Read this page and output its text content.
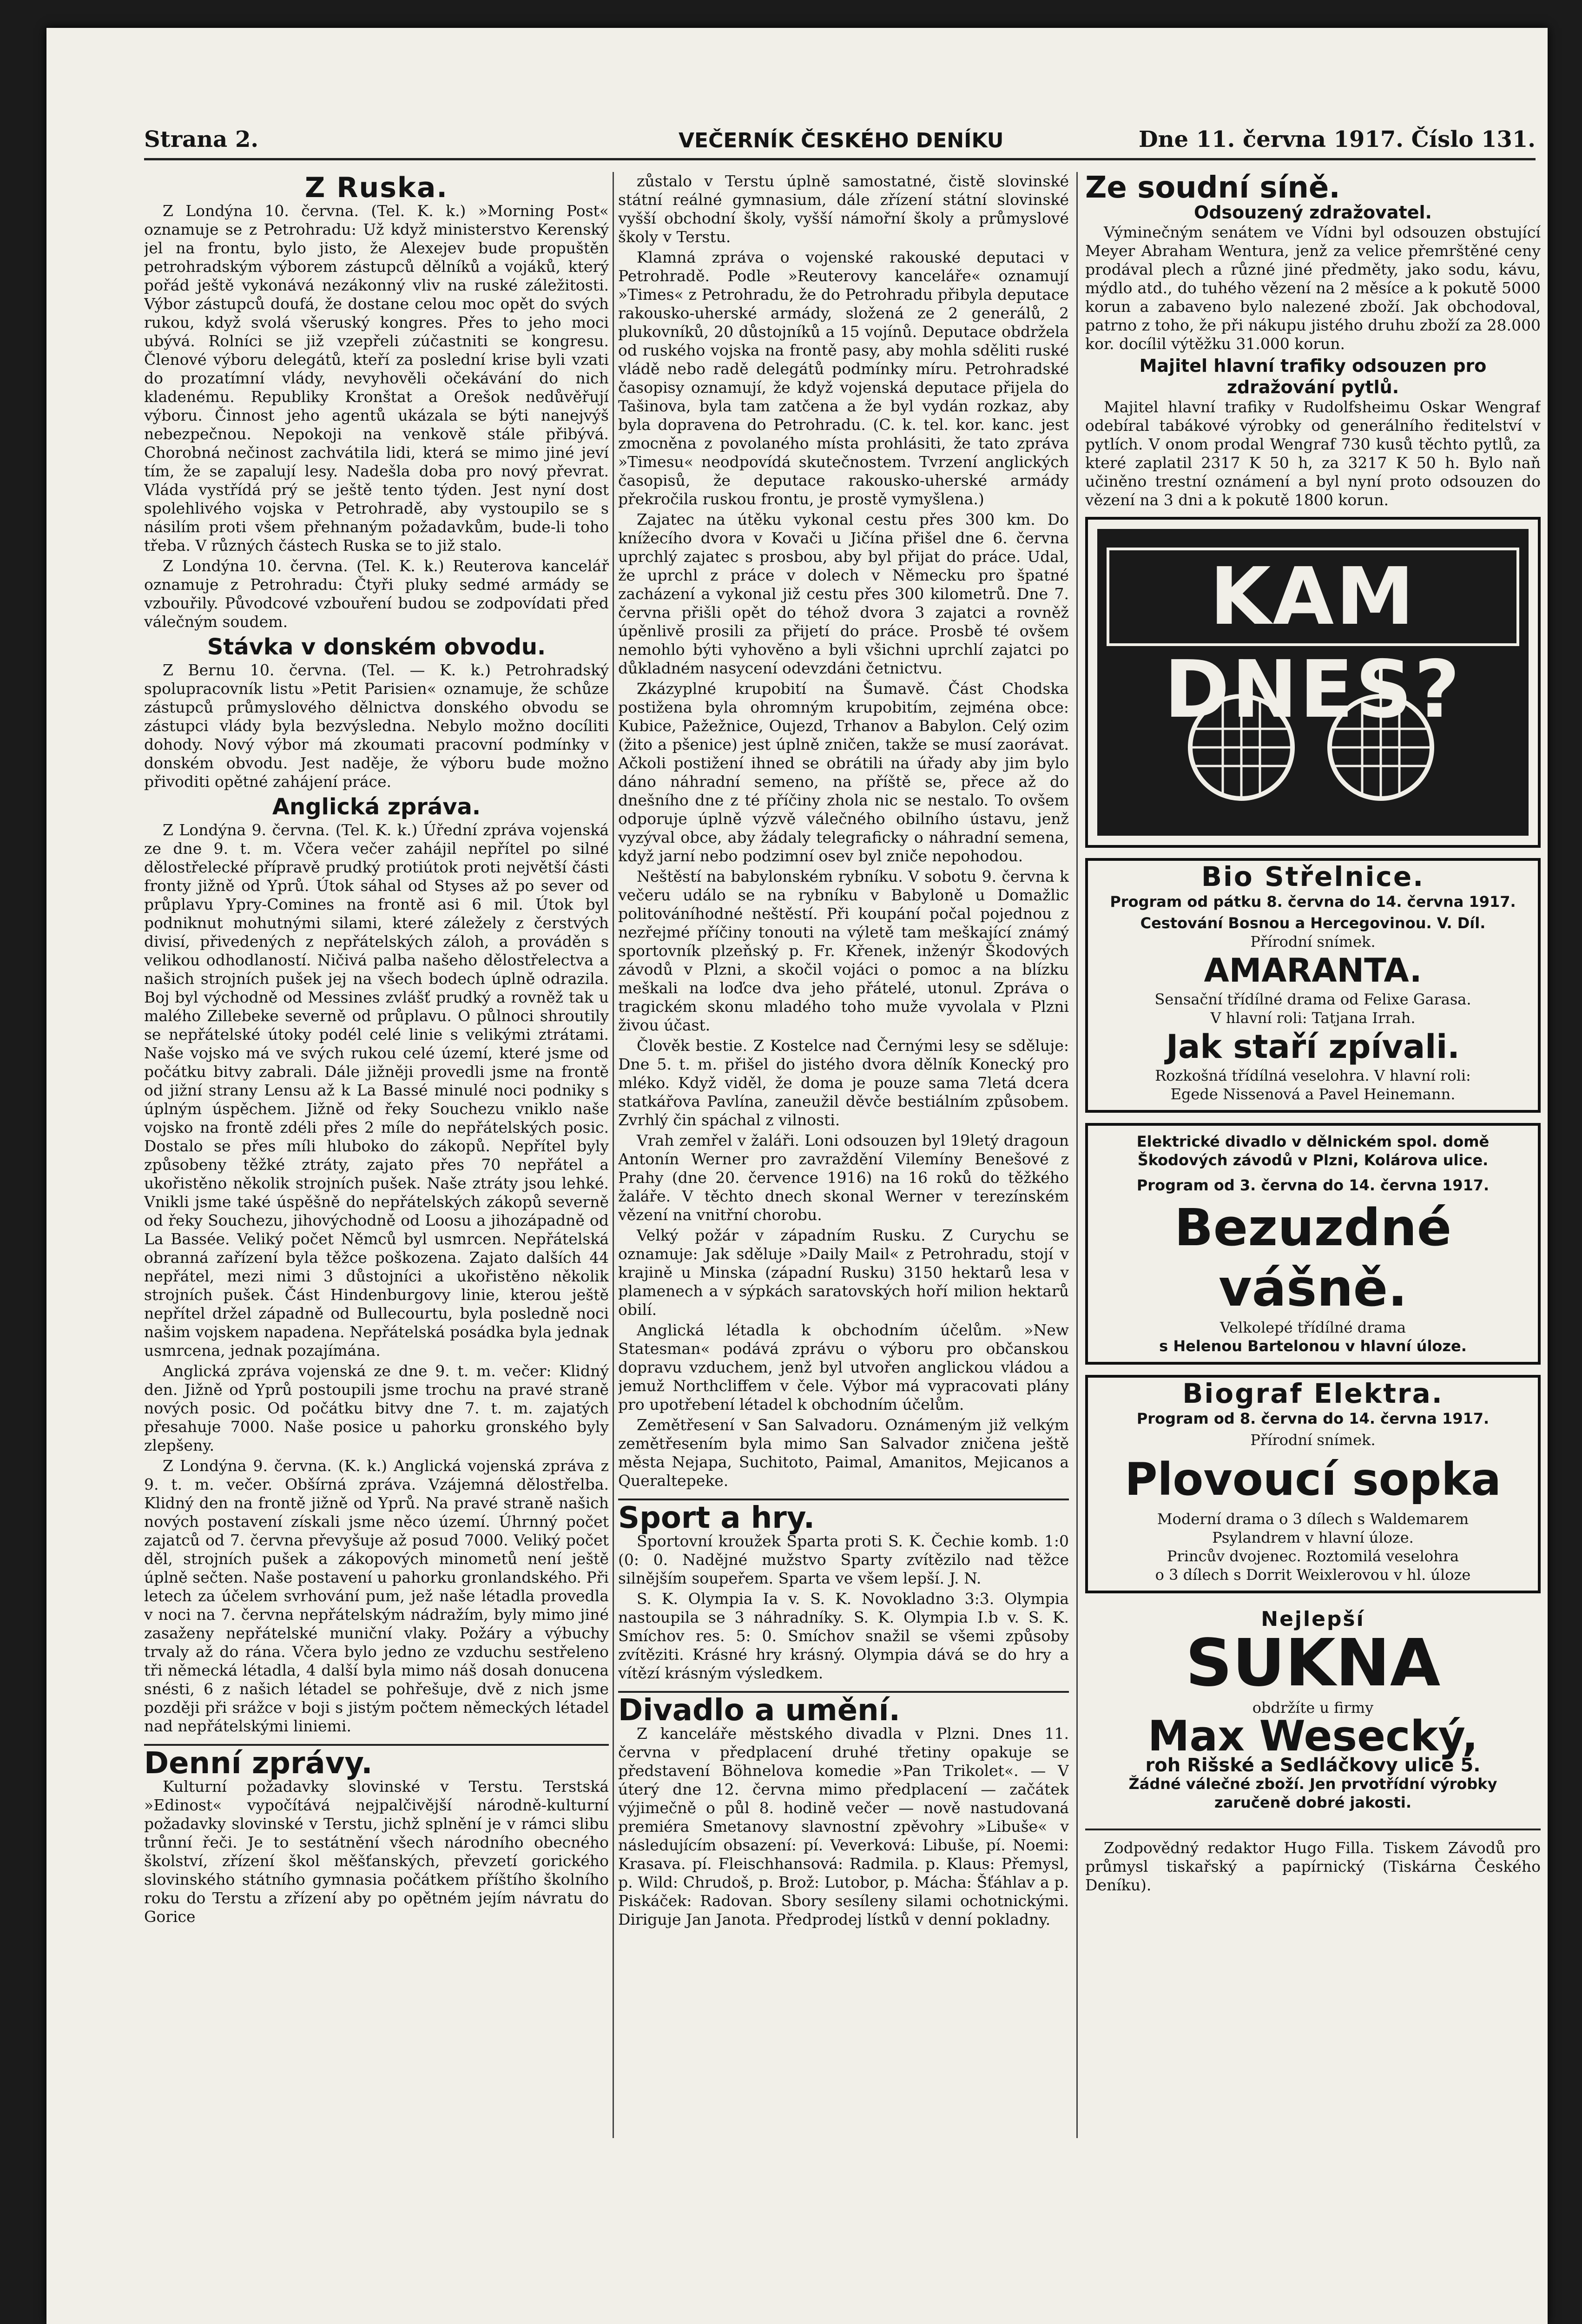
Strana 2.	VEČERNÍK ČESKÉHO DENÍKU	Dne 11. června 1917. Číslo 131.
Z Ruska.

Z Londýna 10. června. (Tel. K. k.) »Morning Post« oznamuje se z Petrohradu: Už když ministerstvo Kerenský jel na frontu, bylo jisto, že Alexejev bude propuštěn petrohradským výborem zástupců dělníků a vojáků, který pořád ještě vykonává nezákonný vliv na ruské záležitosti. Výbor zástupců doufá, že dostane celou moc opět do svých rukou, když svolá všeruský kongres. Přes to jeho moci ubývá. Rolníci se již vzepřeli zúčastniti se kongresu. Členové výboru delegátů, kteří za poslední krise byli vzati do prozatímní vlády, nevyhověli očekávání do nich kladenému. Republiky Kronštat a Orešok nedůvěřují výboru. Činnost jeho agentů ukázala se býti nanejvýš nebezpečnou. Nepokoji na venkově stále přibývá. Chorobná nečinost zachvátila lidi, která se mimo jiné jeví tím, že se zapalují lesy. Nadešla doba pro nový převrat. Vláda vystřídá prý se ještě tento týden. Jest nyní dost spolehlivého vojska v Petrohradě, aby vystoupilo se s násilím proti všem přehnaným požadavkům, bude-li toho třeba. V různých částech Ruska se to již stalo.

Z Londýna 10. června. (Tel. K. k.) Reuterova kancelář oznamuje z Petrohradu: Čtyři pluky sedmé armády se vzbouřily. Původcové vzbouření budou se zodpovídati před válečným soudem.

Stávka v donském obvodu.

Z Bernu 10. června. (Tel. — K. k.) Petrohradský spolupracovník listu »Petit Parisien« oznamuje, že schůze zástupců průmyslového dělnictva donského obvodu se zástupci vlády byla bezvýsledna. Nebylo možno docíliti dohody. Nový výbor má zkoumati pracovní podmínky v donském obvodu. Jest naděje, že výboru bude možno přivoditi opětné zahájení práce.

Anglická zpráva.

Z Londýna 9. června. (Tel. K. k.) Úřední zpráva vojenská ze dne 9. t. m. Včera večer zahájil nepřítel po silné dělostřelecké přípravě prudký protiútok proti největší části fronty jižně od Yprů. Útok sáhal od Styses až po sever od průplavu Ypry-Comines na frontě asi 6 mil. Útok byl podniknut mohutnými silami, které záležely z čerstvých divisí, přivedených z nepřátelských záloh, a prováděn s velikou odhodlaností. Ničivá palba našeho dělostřelectva a našich strojních pušek jej na všech bodech úplně odrazila. Boj byl východně od Messines zvlášť prudký a rovněž tak u malého Zillebeke severně od průplavu. O půlnoci shroutily se nepřátelské útoky podél celé linie s velikými ztrátami. Naše vojsko má ve svých rukou celé území, které jsme od počátku bitvy zabrali. Dále jižněji provedli jsme na frontě od jižní strany Lensu až k La Bassé minulé noci podniky s úplným úspěchem. Jižně od řeky Souchezu vniklo naše vojsko na frontě zdéli přes 2 míle do nepřátelských posic. Dostalo se přes míli hluboko do zákopů. Nepřítel byly způsobeny těžké ztráty, zajato přes 70 nepřátel a ukořistěno několik strojních pušek. Naše ztráty jsou lehké. Vnikli jsme také úspěšně do nepřátelských zákopů severně od řeky Souchezu, jihovýchodně od Loosu a jihozápadně od La Bassée. Veliký počet Němců byl usmrcen. Nepřátelská obranná zařízení byla těžce poškozena. Zajato dalších 44 nepřátel, mezi nimi 3 důstojníci a ukořistěno několik strojních pušek. Část Hindenburgovy linie, kterou ještě nepřítel držel západně od Bullecourtu, byla posledně noci našim vojskem napadena. Nepřátelská posádka byla jednak usmrcena, jednak pozajímána.

Anglická zpráva vojenská ze dne 9. t. m. večer: Klidný den. Jižně od Yprů postoupili jsme trochu na pravé straně nových posic. Od počátku bitvy dne 7. t. m. zajatých přesahuje 7000. Naše posice u pahorku gronského byly zlepšeny.

Z Londýna 9. června. (K. k.) Anglická vojenská zpráva z 9. t. m. večer. Obšírná zpráva. Vzájemná dělostřelba. Klidný den na frontě jižně od Yprů. Na pravé straně našich nových postavení získali jsme něco území. Úhrnný počet zajatců od 7. června převyšuje až posud 7000. Veliký počet děl, strojních pušek a zákopových minometů není ještě úplně sečten. Naše postavení u pahorku gronlandského. Při letech za účelem svrhování pum, jež naše létadla provedla v noci na 7. června nepřátelským nádražím, byly mimo jiné zasaženy nepřátelské muniční vlaky. Požáry a výbuchy trvaly až do rána. Včera bylo jedno ze vzduchu sestřeleno tři německá létadla, 4 další byla mimo náš dosah donucena snésti, 6 z našich létadel se pohřešuje, dvě z nich jsme později při srážce v boji s jistým počtem německých létadel nad nepřátelskými liniemi.

Denní zprávy.

Kulturní požadavky slovinské v Terstu. Terstská »Edinost« vypočítává nejpalčivější národně-kulturní požadavky slovinské v Terstu, jichž splnění je v rámci slibu trůnní řeči. Je to sestátnění všech národního obecného školství, zřízení škol měšťanských, převzetí gorického slovinského státního gymnasia počátkem příštího školního roku do Terstu a zřízení aby po opětném jejím návratu do Gorice

zůstalo v Terstu úplně samostatné, čistě slovinské státní reálné gymnasium, dále zřízení státní slovinské vyšší obchodní školy, vyšší námořní školy a průmyslové školy v Terstu.

Klamná zpráva o vojenské rakouské deputaci v Petrohradě. Podle »Reuterovy kanceláře« oznamují »Times« z Petrohradu, že do Petrohradu přibyla deputace rakousko-uherské armády, složená ze 2 generálů, 2 plukovníků, 20 důstojníků a 15 vojínů. Deputace obdržela od ruského vojska na frontě pasy, aby mohla sděliti ruské vládě nebo radě delegátů podmínky míru. Petrohradské časopisy oznamují, že když vojenská deputace přijela do Tašinova, byla tam zatčena a že byl vydán rozkaz, aby byla dopravena do Petrohradu. (C. k. tel. kor. kanc. jest zmocněna z povolaného místa prohlásiti, že tato zpráva »Timesu« neodpovídá skutečnostem. Tvrzení anglických časopisů, že deputace rakousko-uherské armády překročila ruskou frontu, je prostě vymyšlena.)

Zajatec na útěku vykonal cestu přes 300 km. Do knížecího dvora v Kovači u Jičína přišel dne 6. června uprchlý zajatec s prosbou, aby byl přijat do práce. Udal, že uprchl z práce v dolech v Německu pro špatné zacházení a vykonal již cestu přes 300 kilometrů. Dne 7. června přišli opět do téhož dvora 3 zajatci a rovněž úpěnlivě prosili za přijetí do práce. Prosbě té ovšem nemohlo býti vyhověno a byli všichni uprchlí zajatci po důkladném nasycení odevzdáni četnictvu.

Zkázyplné krupobití na Šumavě. Část Chodska postižena byla ohromným krupobitím, zejména obce: Kubice, Pažežnice, Oujezd, Trhanov a Babylon. Celý ozim (žito a pšenice) jest úplně zničen, takže se musí zaorávat. Ačkoli postižení ihned se obrátili na úřady aby jim bylo dáno náhradní semeno, na příště se, přece až do dnešního dne z té příčiny zhola nic se nestalo. To ovšem odporuje úplně výzvě válečného obilního ústavu, jenž vyzýval obce, aby žádaly telegraficky o náhradní semena, když jarní nebo podzimní osev byl zniče nepohodou.

Neštěstí na babylonském rybníku. V sobotu 9. června k večeru událo se na rybníku v Babyloně u Domažlic politováníhodné neštěstí. Při koupání počal pojednou z nezřejmé příčiny tonouti na výletě tam meškající známý sportovník plzeňský p. Fr. Křenek, inženýr Škodových závodů v Plzni, a skočil vojáci o pomoc a na blízku meškali na loďce dva jeho přátelé, utonul. Zpráva o tragickém skonu mladého toho muže vyvolala v Plzni živou účast.

Člověk bestie. Z Kostelce nad Černými lesy se sděluje: Dne 5. t. m. přišel do jistého dvora dělník Konecký pro mléko. Když viděl, že doma je pouze sama 7letá dcera statkářova Pavlína, zaneužil děvče bestiálním způsobem. Zvrhlý čin spáchal z vilnosti.

Vrah zemřel v žaláři. Loni odsouzen byl 19letý dragoun Antonín Werner pro zavraždění Vilemíny Benešové z Prahy (dne 20. července 1916) na 16 roků do těžkého žaláře. V těchto dnech skonal Werner v terezínském vězení na vnitřní chorobu.

Velký požár v západním Rusku. Z Curychu se oznamuje: Jak sděluje »Daily Mail« z Petrohradu, stojí v krajině u Minska (západní Rusku) 3150 hektarů lesa v plamenech a v sýpkách saratovských hoří milion hektarů obilí.

Anglická létadla k obchodním účelům. »New Statesman« podává zprávu o výboru pro občanskou dopravu vzduchem, jenž byl utvořen anglickou vládou a jemuž Northcliffem v čele. Výbor má vypracovati plány pro upotřebení létadel k obchodním účelům.

Zemětřesení v San Salvadoru. Oznámeným již velkým zemětřesením byla mimo San Salvador zničena ještě města Nejapa, Suchitoto, Paimal, Amanitos, Mejicanos a Queraltepeke.

Sport a hry.

Sportovní kroužek Sparta proti S. K. Čechie komb. 1:0 (0: 0. Nadějné mužstvo Sparty zvítězilo nad těžce silnějším soupeřem. Sparta ve všem lepší. J. N.

S. K. Olympia Ia v. S. K. Novokladno 3:3. Olympia nastoupila se 3 náhradníky. S. K. Olympia I.b v. S. K. Smíchov res. 5: 0. Smíchov snažil se všemi způsoby zvítěziti. Krásné hry krásný. Olympia dává se do hry a vítězí krásným výsledkem.

Divadlo a umění.

Z kanceláře městského divadla v Plzni. Dnes 11. června v předplacení druhé třetiny opakuje se představení Böhnelova komedie »Pan Trikolet«. — V úterý dne 12. června mimo předplacení — začátek výjimečně o půl 8. hodině večer — nově nastudovaná premiéra Smetanovy slavnostní zpěvohry »Libuše« v následujícím obsazení: pí. Veverková: Libuše, pí. Noemi: Krasava. pí. Fleischhansová: Radmila. p. Klaus: Přemysl, p. Wild: Chrudoš, p. Brož: Lutobor, p. Mácha: Šťáhlav a p. Piskáček: Radovan. Sbory sesíleny silami ochotnickými. Diriguje Jan Janota. Předprodej lístků v denní pokladny.

Ze soudní síně.
Odsouzený zdražovatel.

Výminečným senátem ve Vídni byl odsouzen obstující Meyer Abraham Wentura, jenž za velice přemrštěné ceny prodával plech a různé jiné předměty, jako sodu, kávu, mýdlo atd., do tuhého vězení na 2 měsíce a k pokutě 5000 korun a zabaveno bylo nalezené zboží. Jak obchodoval, patrno z toho, že při nákupu jistého druhu zboží za 28.000 kor. docílil výtěžku 31.000 korun.

Majitel hlavní trafiky odsouzen pro zdražování pytlů.

Majitel hlavní trafiky v Rudolfsheimu Oskar Wengraf odebíral tabákové výrobky od generálního ředitelství v pytlích. V onom prodal Wengraf 730 kusů těchto pytlů, za které zaplatil 2317 K 50 h, za 3217 K 50 h. Bylo naň učiněno trestní oznámení a byl nyní proto odsouzen do vězení na 3 dni a k pokutě 1800 korun.

KAM DNES?
Bio Střelnice.
Program od pátku 8. června do 14. června 1917.
Cestování Bosnou a Hercegovinou. V. Díl.
Přírodní snímek.
AMARANTA.
Sensační třídílné drama od Felixe Garasa.
V hlavní roli: Tatjana Irrah.
Jak staří zpívali.
Rozkošná třídílná veselohra. V hlavní roli:
Egede Nissenová a Pavel Heinemann.
Elektrické divadlo v dělnickém spol. domě Škodových závodů v Plzni, Kolárova ulice.
Program od 3. června do 14. června 1917.
Bezuzdné
vášně.
Velkolepé třídílné drama
s Helenou Bartelonou v hlavní úloze.
Biograf Elektra.
Program od 8. června do 14. června 1917.
Přírodní snímek.
Plovoucí sopka
Moderní drama o 3 dílech s Waldemarem
Psylandrem v hlavní úloze.
Princův dvojenec. Roztomilá veselohra
o 3 dílech s Dorrit Weixlerovou v hl. úloze
Nejlepší
SUKNA
obdržíte u firmy
Max Wesecký,
roh Rišské a Sedláčkovy ulice 5.
Žádné válečné zboží. Jen prvotřídní výrobky zaručeně dobré jakosti.

Zodpovědný redaktor Hugo Filla. Tiskem Závodů pro průmysl tiskařský a papírnický (Tiskárna Českého Deníku).
